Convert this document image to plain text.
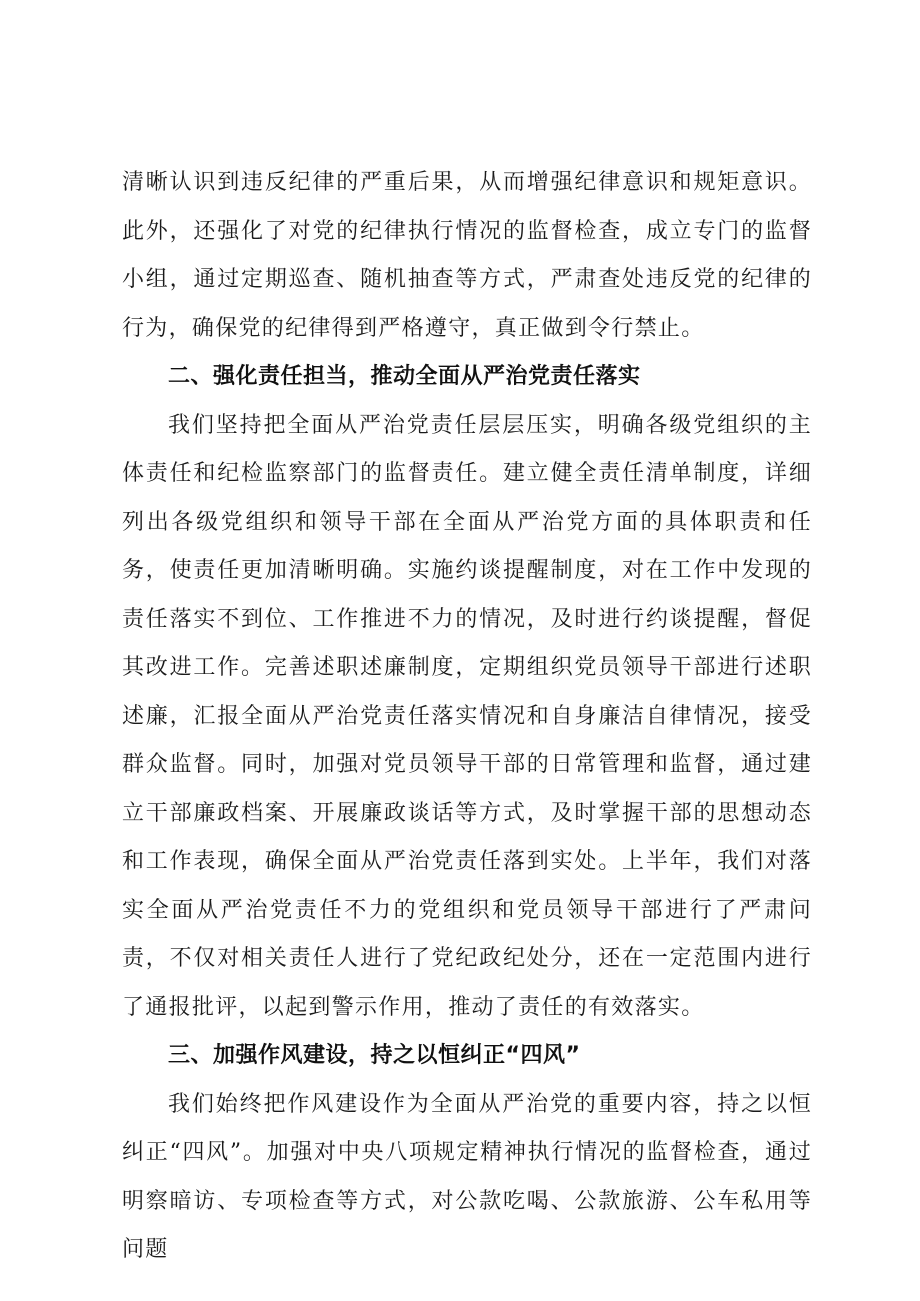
清晰认识到违反纪律的严重后果，从而增强纪律意识和规矩意识。此外，还强化了对党的纪律执行情况的监督检查，成立专门的监督小组，通过定期巡查、随机抽查等方式，严肃查处违反党的纪律的行为，确保党的纪律得到严格遵守，真正做到令行禁止。

二、强化责任担当，推动全面从严治党责任落实

我们坚持把全面从严治党责任层层压实，明确各级党组织的主体责任和纪检监察部门的监督责任。建立健全责任清单制度，详细列出各级党组织和领导干部在全面从严治党方面的具体职责和任务，使责任更加清晰明确。实施约谈提醒制度，对在工作中发现的责任落实不到位、工作推进不力的情况，及时进行约谈提醒，督促其改进工作。完善述职述廉制度，定期组织党员领导干部进行述职述廉，汇报全面从严治党责任落实情况和自身廉洁自律情况，接受群众监督。同时，加强对党员领导干部的日常管理和监督，通过建立干部廉政档案、开展廉政谈话等方式，及时掌握干部的思想动态和工作表现，确保全面从严治党责任落到实处。上半年，我们对落实全面从严治党责任不力的党组织和党员领导干部进行了严肃问责，不仅对相关责任人进行了党纪政纪处分，还在一定范围内进行了通报批评，以起到警示作用，推动了责任的有效落实。

三、加强作风建设，持之以恒纠正“四风”

我们始终把作风建设作为全面从严治党的重要内容，持之以恒纠正“四风”。加强对中央八项规定精神执行情况的监督检查，通过明察暗访、专项检查等方式，对公款吃喝、公款旅游、公车私用等问题
